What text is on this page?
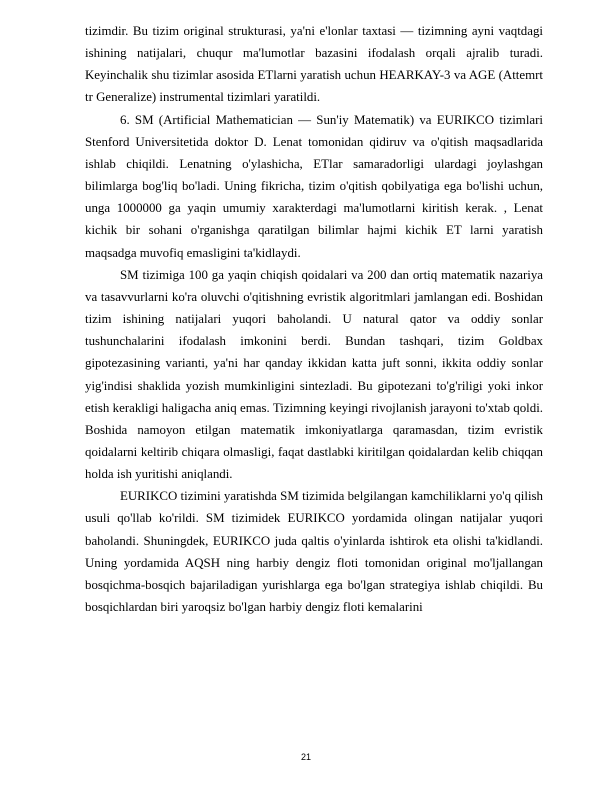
tizimdir. Bu tizim original strukturasi, ya'ni e'lonlar taxtasi — tizimning ayni vaqtdagi ishining natijalari, chuqur ma'lumotlar bazasini ifodalash orqali ajralib turadi. Keyinchalik shu tizimlar asosida ETlarni yaratish uchun HEARKAY-3 va AGE (Attemrt tr Generalize) instrumental tizimlari yaratildi.

6. SM (Artificial Mathematician — Sun'iy Matematik) va EURIKCO tizimlari Stenford Universitetida doktor D. Lenat tomonidan qidiruv va o'qitish maqsadlarida ishlab chiqildi. Lenatning o'ylashicha, ETlar samaradorligi ulardagi joylashgan bilimlarga bog'liq bo'ladi. Uning fikricha, tizim o'qitish qobilyatiga ega bo'lishi uchun, unga 1000000 ga yaqin umumiy xarakterdagi ma'lumotlarni kiritish kerak. , Lenat kichik bir sohani o'rganishga qaratilgan bilimlar hajmi kichik ET larni yaratish maqsadga muvofiq emasligini ta'kidlaydi.

SM tizimiga 100 ga yaqin chiqish qoidalari va 200 dan ortiq matematik nazariya va tasavvurlarni ko'ra oluvchi o'qitishning evristik algoritmlari jamlangan edi. Boshidan tizim ishining natijalari yuqori baholandi. U natural qator va oddiy sonlar tushunchalarini ifodalash imkonini berdi. Bundan tashqari, tizim Goldbax gipotezasining varianti, ya'ni har qanday ikkidan katta juft sonni, ikkita oddiy sonlar yig'indisi shaklida yozish mumkinligini sintezladi. Bu gipotezani to'g'riligi yoki inkor etish kerakligi haligacha aniq emas. Tizimning keyingi rivojlanish jarayoni to'xtab qoldi. Boshida namoyon etilgan matematik imkoniyatlarga qaramasdan, tizim evristik qoidalarni keltirib chiqara olmasligi, faqat dastlabki kiritilgan qoidalardan kelib chiqqan holda ish yuritishi aniqlandi.

EURIKCO tizimini yaratishda SM tizimida belgilangan kamchiliklarni yo'q qilish usuli qo'llab ko'rildi. SM tizimidek EURIKCO yordamida olingan natijalar yuqori baholandi. Shuningdek, EURIKCO juda qaltis o'yinlarda ishtirok eta olishi ta'kidlandi. Uning yordamida AQSH ning harbiy dengiz floti tomonidan original mo'ljallangan bosqichma-bosqich bajariladigan yurishlarga ega bo'lgan strategiya ishlab chiqildi. Bu bosqichlardan biri yaroqsiz bo'lgan harbiy dengiz floti kemalarini

21
